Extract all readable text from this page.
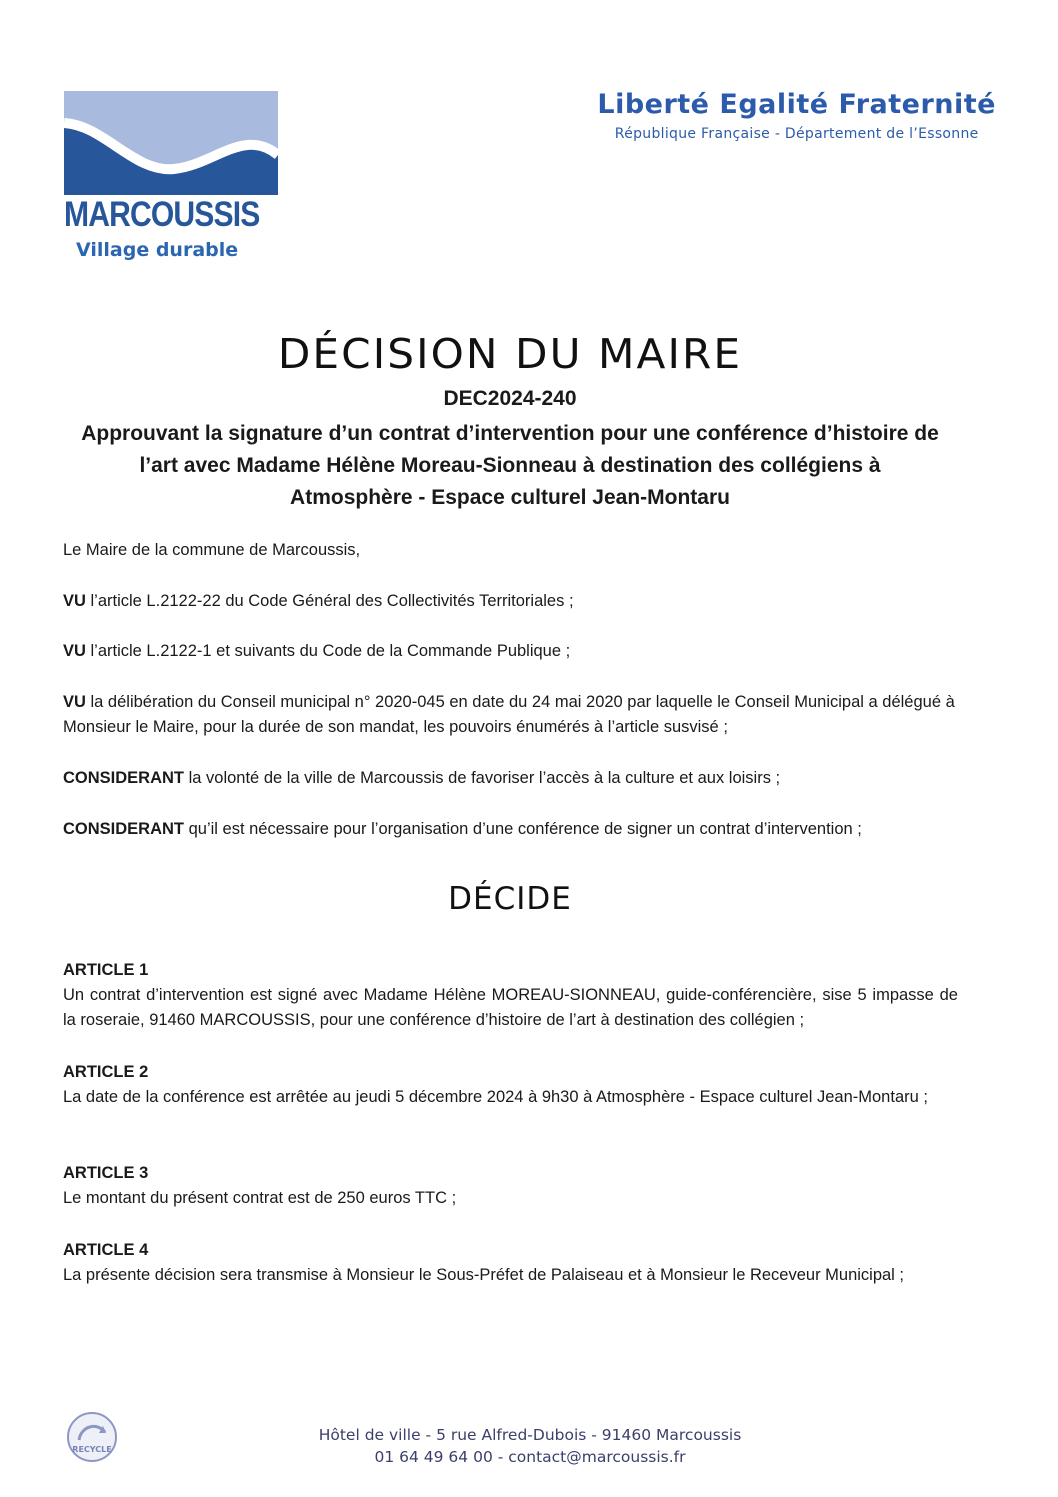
MARCOUSSIS
Village durable
Liberté Egalité Fraternité
République Française - Département de l’Essonne
DÉCISION DU MAIRE
DEC2024-240
Approuvant la signature d’un contrat d’intervention pour une conférence d’histoire de
l’art avec Madame Hélène Moreau-Sionneau à destination des collégiens à
Atmosphère - Espace culturel Jean-Montaru
Le Maire de la commune de Marcoussis,
VU l’article L.2122-22 du Code Général des Collectivités Territoriales ;
VU l’article L.2122-1 et suivants du Code de la Commande Publique ;
VU la délibération du Conseil municipal n° 2020-045 en date du 24 mai 2020 par laquelle le Conseil Municipal a délégué à Monsieur le Maire, pour la durée de son mandat, les pouvoirs énumérés à l’article susvisé ;
CONSIDERANT la volonté de la ville de Marcoussis de favoriser l’accès à la culture et aux loisirs ;
CONSIDERANT qu’il est nécessaire pour l’organisation d’une conférence de signer un contrat d’intervention ;
DÉCIDE
ARTICLE 1
Un contrat d’intervention est signé avec Madame Hélène MOREAU-SIONNEAU, guide-conférencière, sise 5 impasse de la roseraie, 91460 MARCOUSSIS, pour une conférence d’histoire de l’art à destination des collégien ;
ARTICLE 2
La date de la conférence est arrêtée au jeudi 5 décembre 2024 à 9h30 à Atmosphère - Espace culturel Jean-Montaru ;
ARTICLE 3
Le montant du présent contrat est de 250 euros TTC ;
ARTICLE 4
La présente décision sera transmise à Monsieur le Sous-Préfet de Palaiseau et à Monsieur le Receveur Municipal ;
RECYCLE
Hôtel de ville - 5 rue Alfred-Dubois - 91460 Marcoussis
01 64 49 64 00 - contact@marcoussis.fr
